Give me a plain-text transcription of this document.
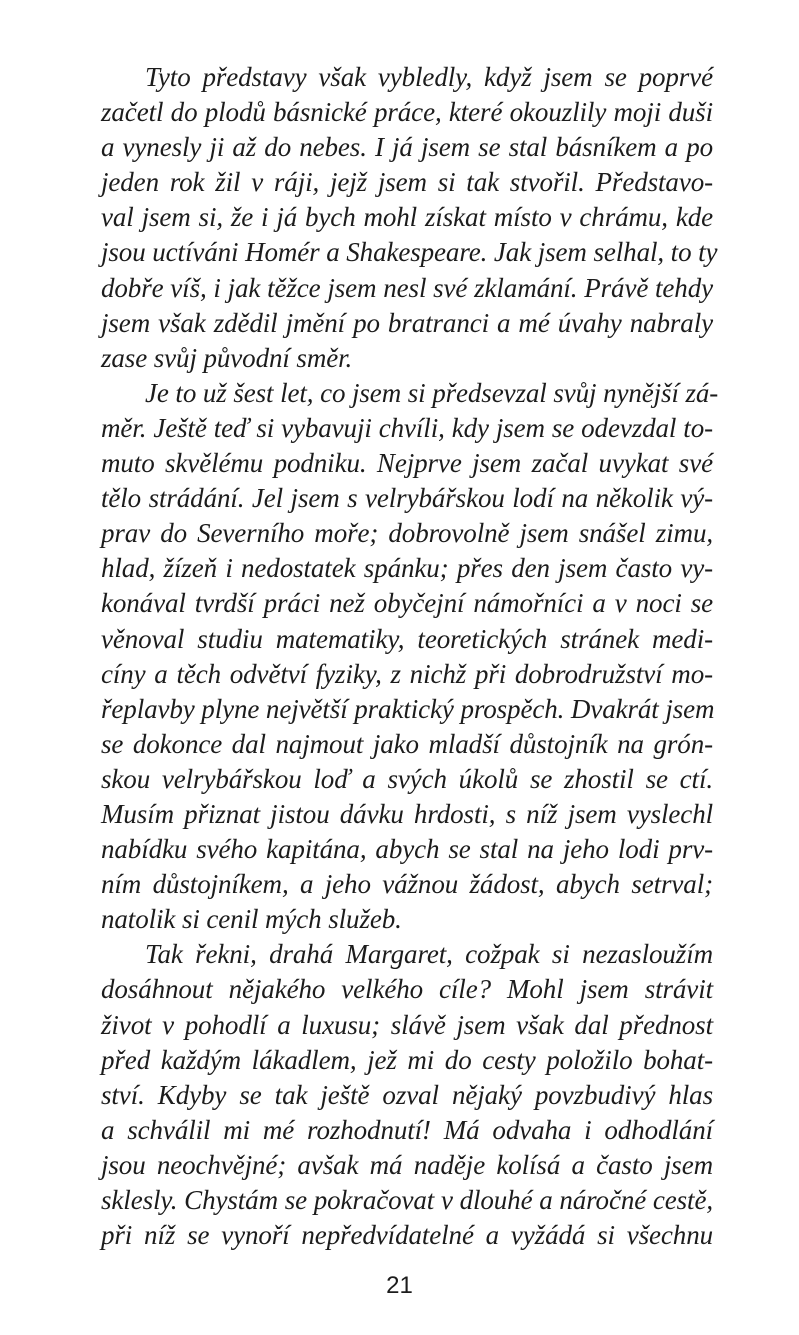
Tyto představy však vybledly, když jsem se poprvé
začetl do plodů básnické práce, které okouzlily moji duši
a vynesly ji až do nebes. I já jsem se stal básníkem a po
jeden rok žil v ráji, jejž jsem si tak stvořil. Představo-
val jsem si, že i já bych mohl získat místo v chrámu, kde
jsou uctíváni Homér a Shakespeare. Jak jsem selhal, to ty
dobře víš, i jak těžce jsem nesl své zklamání. Právě tehdy
jsem však zdědil jmění po bratranci a mé úvahy nabraly
zase svůj původní směr.
Je to už šest let, co jsem si předsevzal svůj nynější zá-
měr. Ještě teď si vybavuji chvíli, kdy jsem se odevzdal to-
muto skvělému podniku. Nejprve jsem začal uvykat své
tělo strádání. Jel jsem s velrybářskou lodí na několik vý-
prav do Severního moře; dobrovolně jsem snášel zimu,
hlad, žízeň i nedostatek spánku; přes den jsem často vy-
konával tvrdší práci než obyčejní námořníci a v noci se
věnoval studiu matematiky, teoretických stránek medi-
cíny a těch odvětví fyziky, z nichž při dobrodružství mo-
řeplavby plyne největší praktický prospěch. Dvakrát jsem
se dokonce dal najmout jako mladší důstojník na grón-
skou velrybářskou loď a svých úkolů se zhostil se ctí.
Musím přiznat jistou dávku hrdosti, s níž jsem vyslechl
nabídku svého kapitána, abych se stal na jeho lodi prv-
ním důstojníkem, a jeho vážnou žádost, abych setrval;
natolik si cenil mých služeb.
Tak řekni, drahá Margaret, cožpak si nezasloužím
dosáhnout nějakého velkého cíle? Mohl jsem strávit
život v pohodlí a luxusu; slávě jsem však dal přednost
před každým lákadlem, jež mi do cesty položilo bohat-
ství. Kdyby se tak ještě ozval nějaký povzbudivý hlas
a schválil mi mé rozhodnutí! Má odvaha i odhodlání
jsou neochvějné; avšak má naděje kolísá a často jsem
sklesly. Chystám se pokračovat v dlouhé a náročné cestě,
při níž se vynoří nepředvídatelné a vyžádá si všechnu
21
